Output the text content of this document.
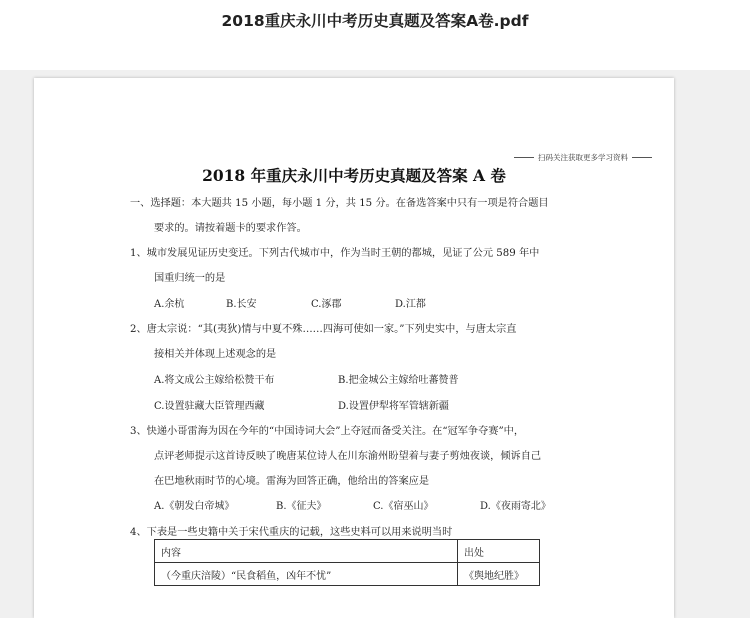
2018重庆永川中考历史真题及答案A卷.pdf
扫码关注获取更多学习资料
2018 年重庆永川中考历史真题及答案 A 卷
一、选择题：本大题共 15 小题，每小题 1 分，共 15 分。在备选答案中只有一项是符合题目
要求的。请按着题卡的要求作答。
1、城市发展见证历史变迁。下列古代城市中，作为当时王朝的都城，见证了公元 589 年中
国重归统一的是
A.余杭	B.长安	C.涿郡	D.江都
2、唐太宗说：“其(夷狄)情与中夏不殊……四海可使如一家。”下列史实中，与唐太宗直
接相关并体现上述观念的是
A.将文成公主嫁给松赞干布	B.把金城公主嫁给吐蕃赞普
C.设置驻藏大臣管理西藏	D.设置伊犁将军管辖新疆
3、快递小哥雷海为因在今年的“中国诗词大会”上夺冠而备受关注。在“冠军争夺赛”中，
点评老师提示这首诗反映了晚唐某位诗人在川东渝州盼望着与妻子剪烛夜谈，倾诉自己
在巴地秋雨时节的心境。雷海为回答正确，他给出的答案应是
A.《朝发白帝城》	B.《征夫》	C.《宿巫山》	D.《夜雨寄北》
4、下表是一些史籍中关于宋代重庆的记载，这些史料可以用来说明当时
内容	出处
（今重庆涪陵）“民食稻鱼，凶年不忧”	《舆地纪胜》
